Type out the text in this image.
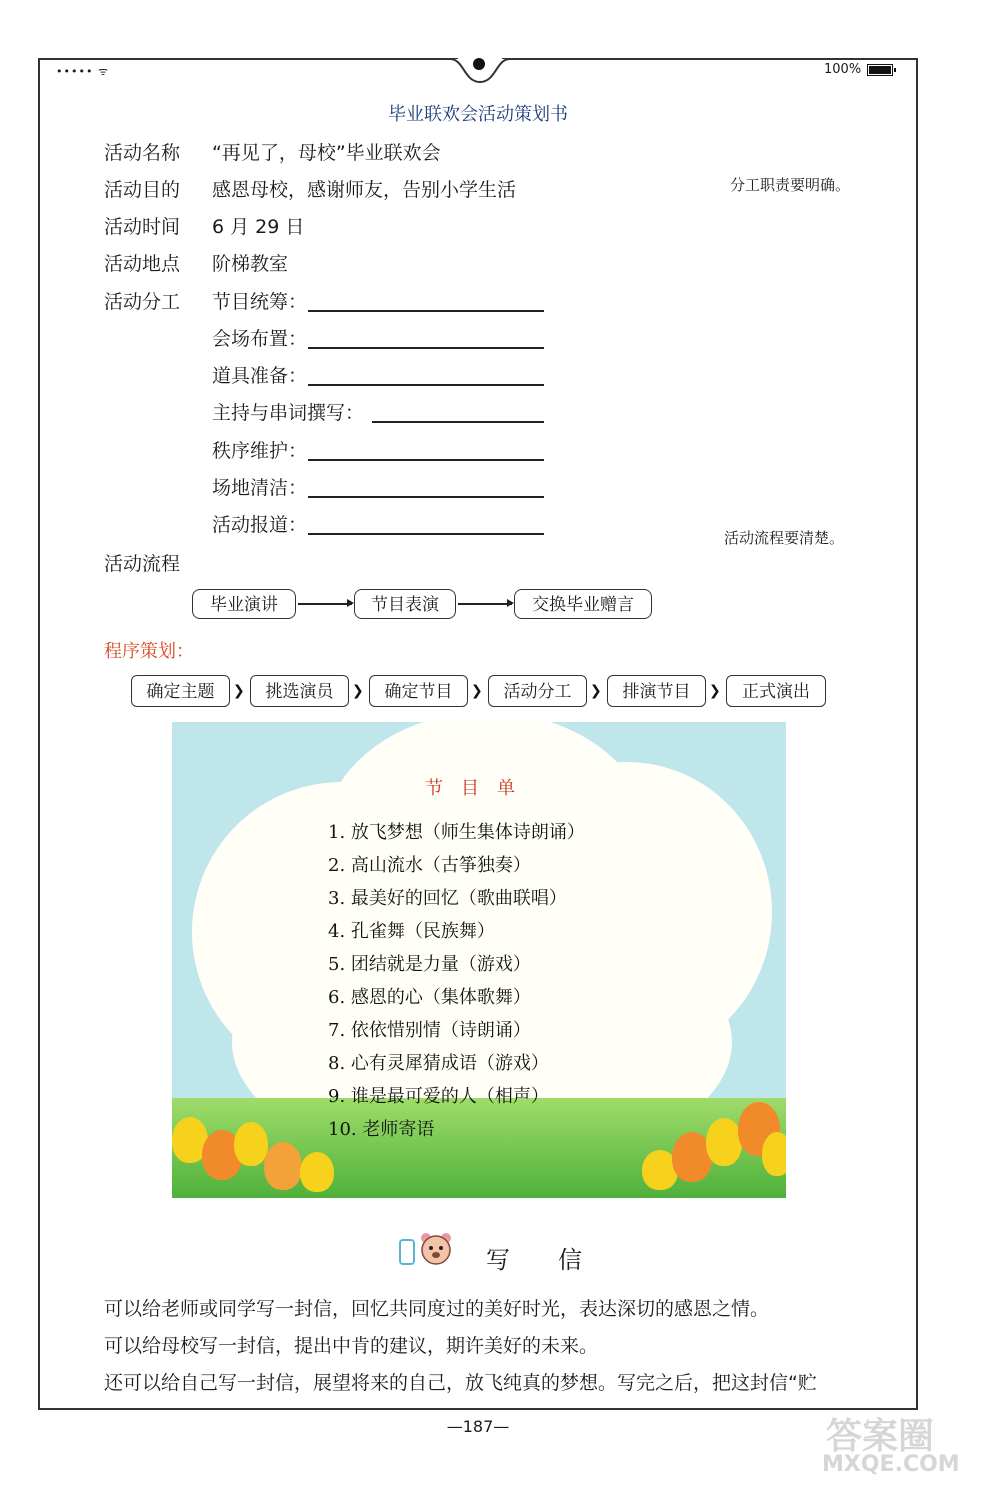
••••• ᯤ	100%
毕业联欢会活动策划书
活动名称 “再见了，母校”毕业联欢会
活动目的 感恩母校，感谢师友，告别小学生活
活动时间 6 月 29 日
活动地点 阶梯教室
活动分工
分工职责要明确。
节目统筹：
会场布置：
道具准备：
主持与串词撰写：
秩序维护：
场地清洁：
活动报道：
活动流程要清楚。
活动流程
毕业演讲	节目表演	交换毕业赠言
程序策划：
确定主题	❯	挑选演员	❯	确定节目	❯	活动分工	❯	排演节目	❯	正式演出
节目单
1. 放飞梦想（师生集体诗朗诵）
2. 高山流水（古筝独奏）
3. 最美好的回忆（歌曲联唱）
4. 孔雀舞（民族舞）
5. 团结就是力量（游戏）
6. 感恩的心（集体歌舞）
7. 依依惜别情（诗朗诵）
8. 心有灵犀猜成语（游戏）
9. 谁是最可爱的人（相声）
10. 老师寄语
写　　信
可以给老师或同学写一封信，回忆共同度过的美好时光，表达深切的感恩之情。
可以给母校写一封信，提出中肯的建议，期许美好的未来。
还可以给自己写一封信，展望将来的自己，放飞纯真的梦想。写完之后，把这封信“贮
—187—	答案圈
MXQE.COM
